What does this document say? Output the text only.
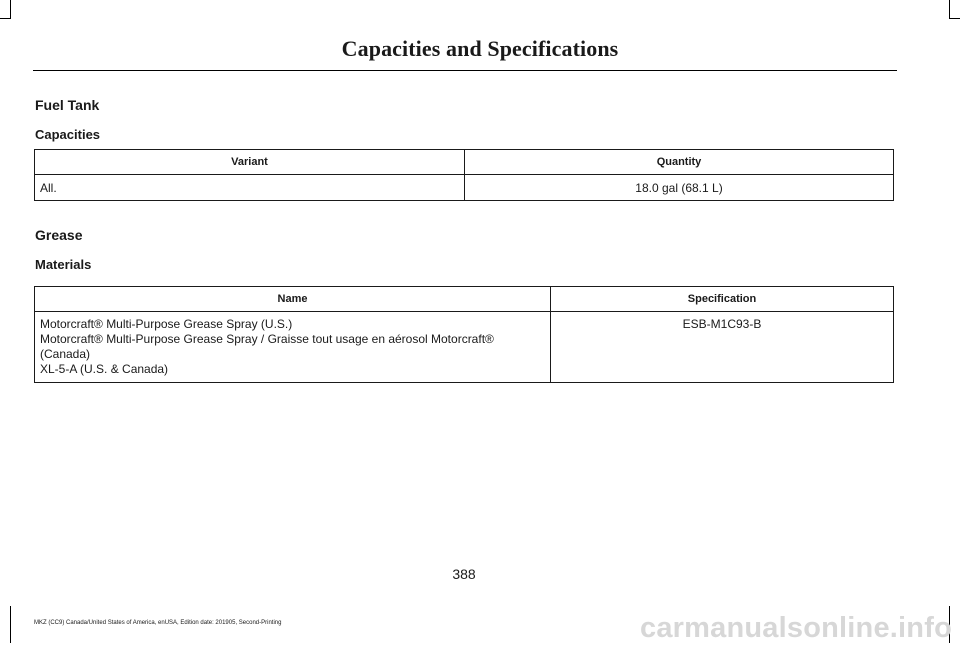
Capacities and Specifications
Fuel Tank
Capacities
Variant	Quantity
All.	18.0 gal (68.1 L)
Grease
Materials
Name	Specification

Motorcraft® Multi-Purpose Grease Spray (U.S.)
Motorcraft® Multi-Purpose Grease Spray / Graisse tout usage en aérosol Motorcraft®
(Canada)
XL-5-A (U.S. & Canada)	ESB-M1C93-B
388
MKZ (CC9) Canada/United States of America, enUSA, Edition date: 201905, Second-Printing	carmanualsonline.info
